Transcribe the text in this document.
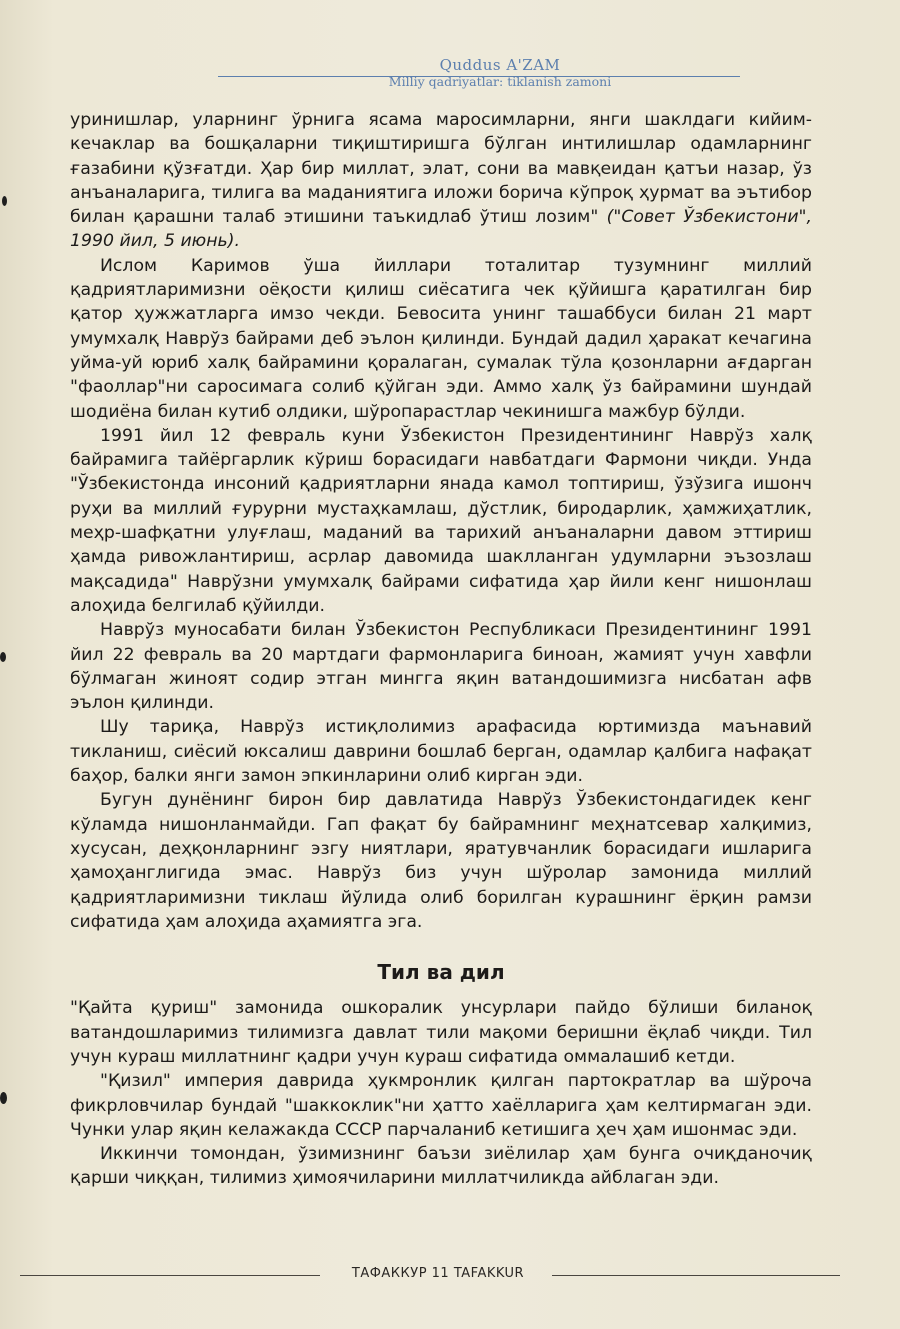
Quddus A'ZAM
Milliy qadriyatlar: tiklanish zamoni

уринишлар, уларнинг ўрнига ясама маросимларни, янги шаклдаги кийим-кечаклар ва бошқаларни тиқиштиришга бўлган интилишлар одамларнинг ғазабини қўзғатди. Ҳар бир миллат, элат, сони ва мавқеидан қатъи назар, ўз анъаналарига, тилига ва маданиятига иложи борича кўпроқ ҳурмат ва эътибор билан қарашни талаб этишини таъкидлаб ўтиш лозим" ("Совет Ўзбекистони", 1990 йил, 5 июнь).

Ислом Каримов ўша йиллари тоталитар тузумнинг миллий қадриятларимизни оёқости қилиш сиёсатига чек қўйишга қаратилган бир қатор ҳужжатларга имзо чекди. Бевосита унинг ташаббуси билан 21 март умумхалқ Наврўз байрами деб эълон қилинди. Бундай дадил ҳаракат кечагина уйма-уй юриб халқ байрамини қоралаган, сумалак тўла қозонларни ағдарган "фаоллар"ни саросимага солиб қўйган эди. Аммо халқ ўз байрамини шундай шодиёна билан кутиб олдики, шўропарастлар чекинишга мажбур бўлди.

1991 йил 12 февраль куни Ўзбекистон Президентининг Наврўз халқ байрамига тайёргарлик кўриш борасидаги навбатдаги Фармони чиқди. Унда "Ўзбекистонда инсоний қадриятларни янада камол топтириш, ўзўзига ишонч руҳи ва миллий ғурурни мустаҳкамлаш, дўстлик, биродарлик, ҳамжиҳатлик, меҳр-шафқатни улуғлаш, маданий ва тарихий анъаналарни давом эттириш ҳамда ривожлантириш, асрлар давомида шаклланган удумларни эъзозлаш мақсадида" Наврўзни умумхалқ байрами сифатида ҳар йили кенг нишонлаш алоҳида белгилаб қўйилди.

Наврўз муносабати билан Ўзбекистон Республикаси Президентининг 1991 йил 22 февраль ва 20 мартдаги фармонларига биноан, жамият учун хавфли бўлмаган жиноят содир этган мингга яқин ватандошимизга нисбатан афв эълон қилинди.

Шу тариқа, Наврўз истиқлолимиз арафасида юртимизда маънавий тикланиш, сиёсий юксалиш даврини бошлаб берган, одамлар қалбига нафақат баҳор, балки янги замон эпкинларини олиб кирган эди.

Бугун дунёнинг бирон бир давлатида Наврўз Ўзбекистондагидек кенг кўламда нишонланмайди. Гап фақат бу байрамнинг меҳнатсевар халқимиз, хусусан, деҳқонларнинг эзгу ниятлари, яратувчанлик борасидаги ишларига ҳамоҳанглигида эмас. Наврўз биз учун шўролар замонида миллий қадриятларимизни тиклаш йўлида олиб борилган курашнинг ёрқин рамзи сифатида ҳам алоҳида аҳамиятга эга.

Тил ва дил

"Қайта қуриш" замонида ошкоралик унсурлари пайдо бўлиши биланоқ ватандошларимиз тилимизга давлат тили мақоми беришни ёқлаб чиқди. Тил учун кураш миллатнинг қадри учун кураш сифатида оммалашиб кетди.

"Қизил" империя даврида ҳукмронлик қилган партократлар ва шўроча фикрловчилар бундай "шаккоклик"ни ҳатто хаёлларига ҳам келтирмаган эди. Чунки улар яқин келажакда СССР парчаланиб кетишига ҳеч ҳам ишонмас эди.

Иккинчи томондан, ўзимизнинг баъзи зиёлилар ҳам бунга очиқданочиқ қарши чиққан, тилимиз ҳимоячиларини миллатчиликда айблаган эди.

ТАФАККУР 11 TAFAKKUR
